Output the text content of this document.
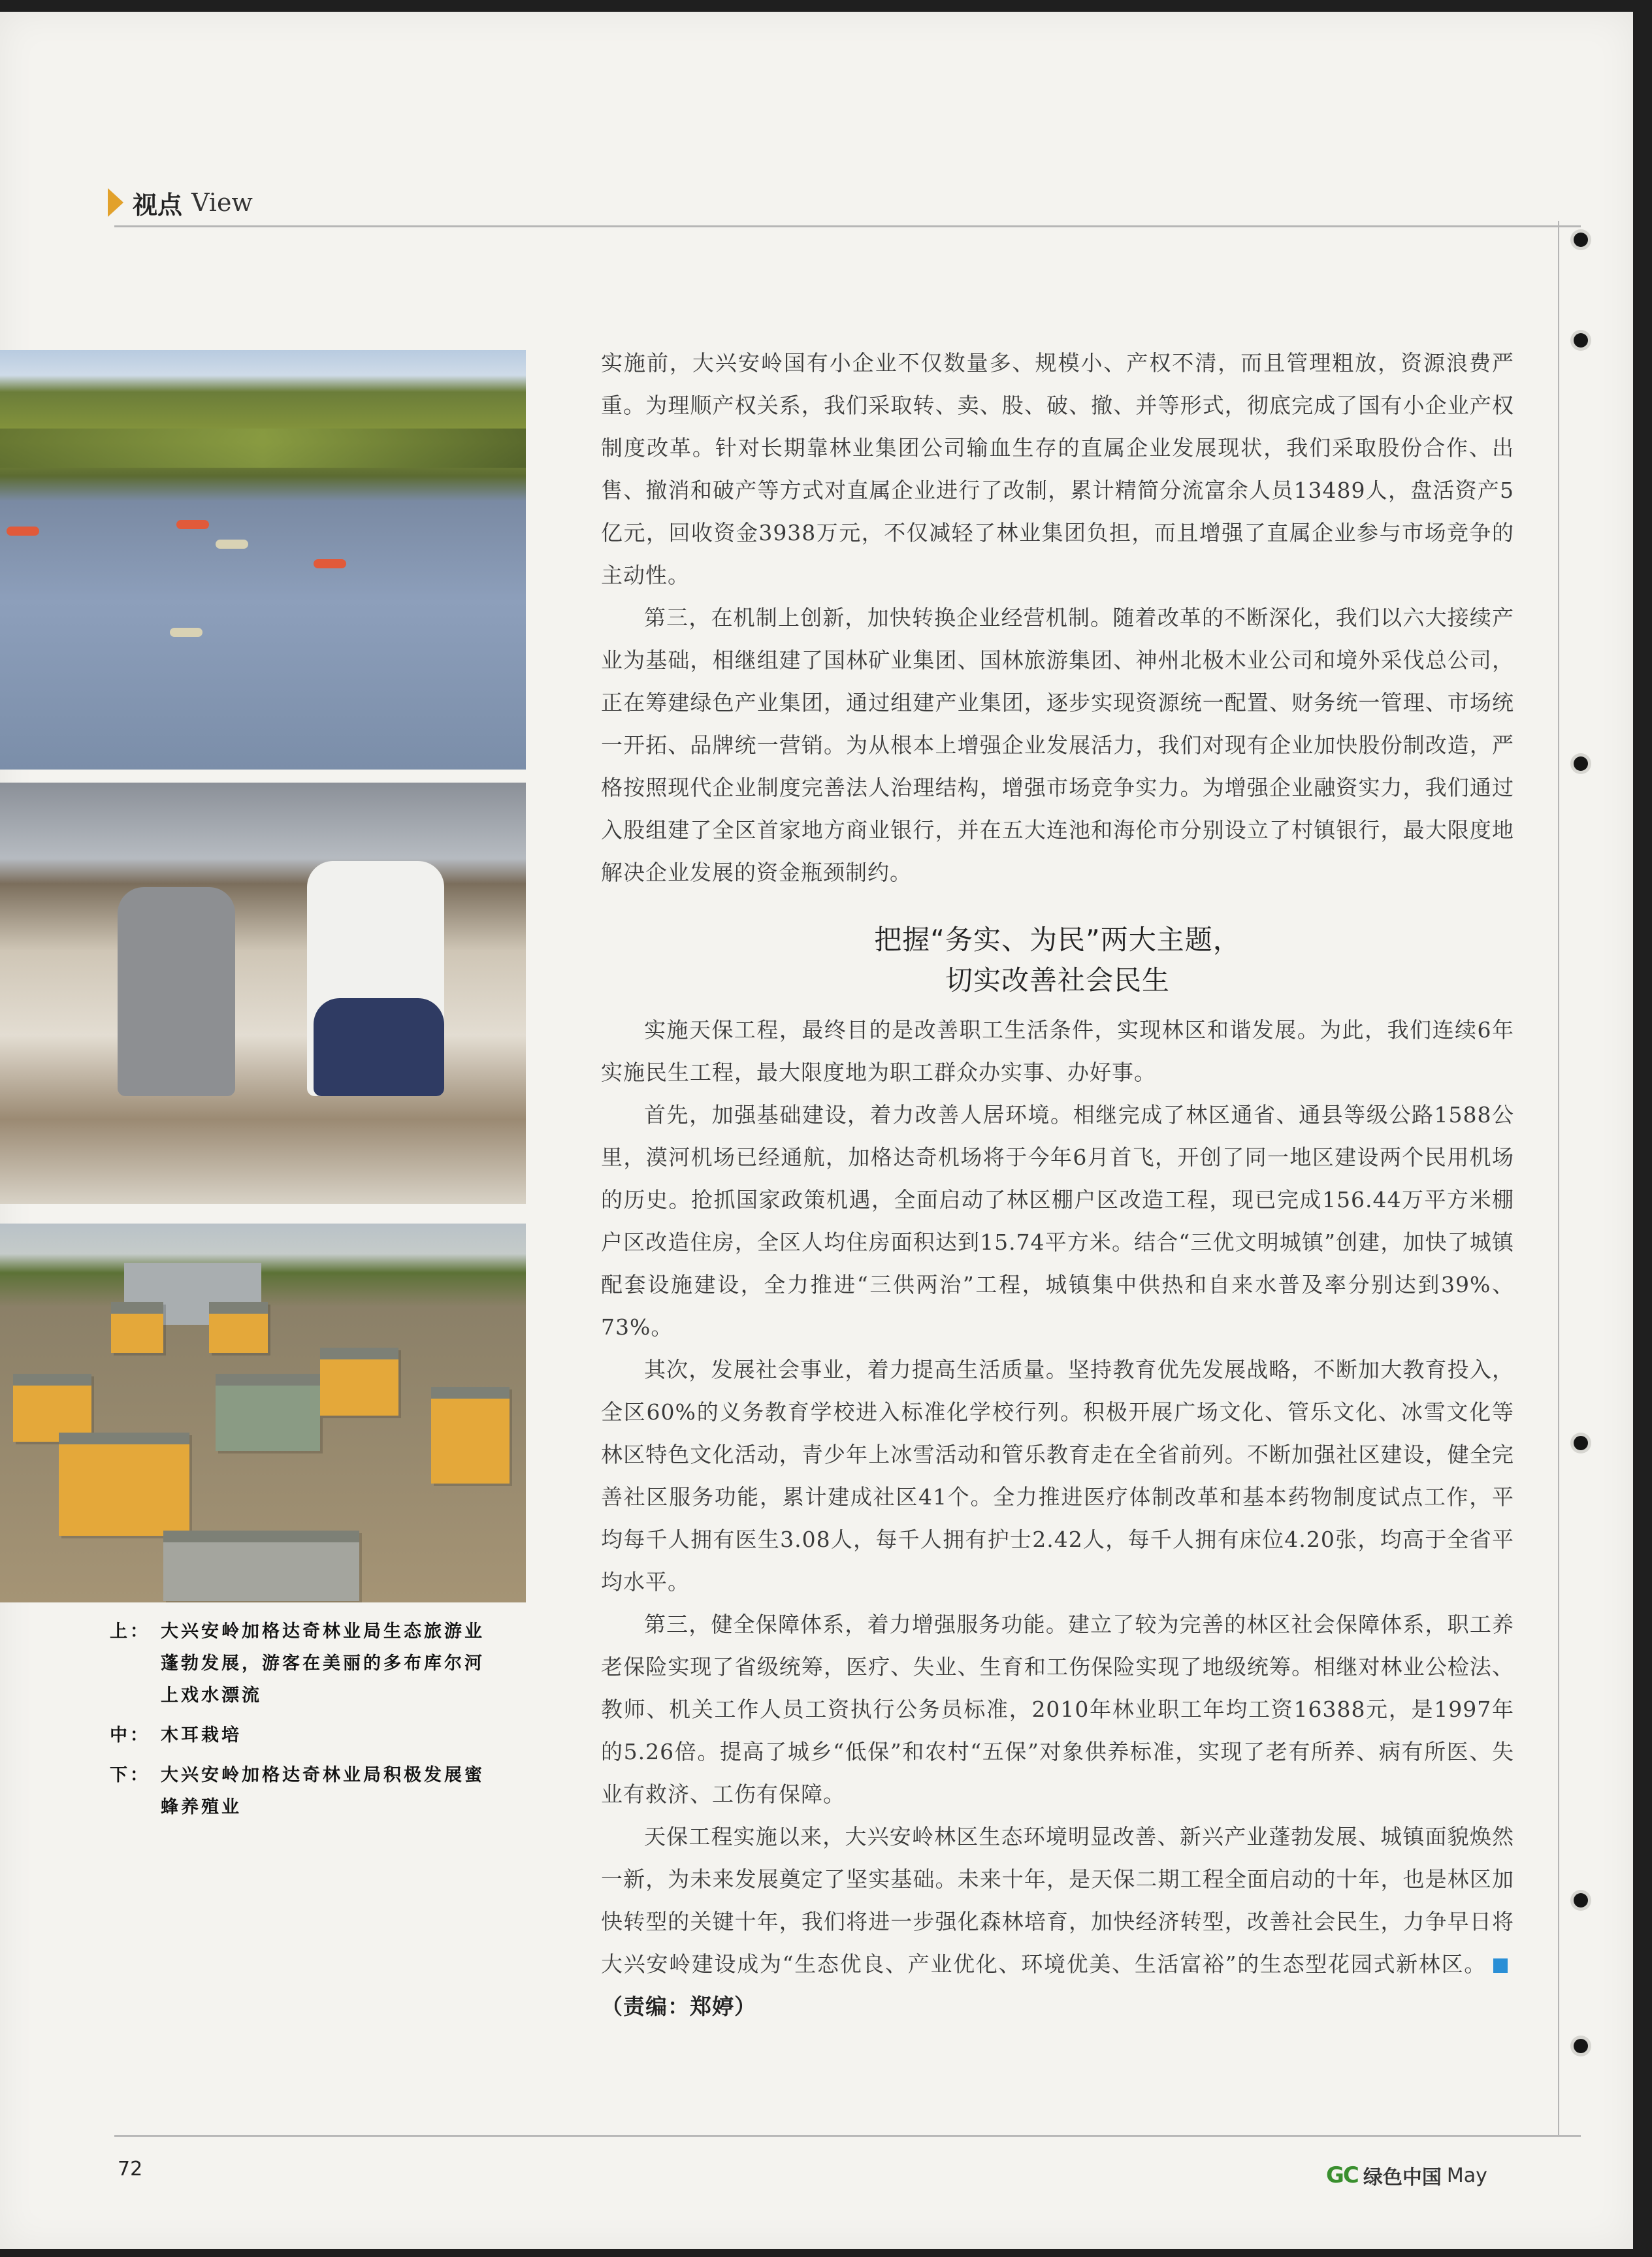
视点 View
上： 大兴安岭加格达奇林业局生态旅游业蓬勃发展，游客在美丽的多布库尔河上戏水漂流
中： 木耳栽培
下： 大兴安岭加格达奇林业局积极发展蜜蜂养殖业

实施前，大兴安岭国有小企业不仅数量多、规模小、产权不清，而且管理粗放，资源浪费严重。为理顺产权关系，我们采取转、卖、股、破、撤、并等形式，彻底完成了国有小企业产权制度改革。针对长期靠林业集团公司输血生存的直属企业发展现状，我们采取股份合作、出售、撤消和破产等方式对直属企业进行了改制，累计精简分流富余人员13489人，盘活资产5亿元，回收资金3938万元，不仅减轻了林业集团负担，而且增强了直属企业参与市场竞争的主动性。

第三，在机制上创新，加快转换企业经营机制。随着改革的不断深化，我们以六大接续产业为基础，相继组建了国林矿业集团、国林旅游集团、神州北极木业公司和境外采伐总公司，正在筹建绿色产业集团，通过组建产业集团，逐步实现资源统一配置、财务统一管理、市场统一开拓、品牌统一营销。为从根本上增强企业发展活力，我们对现有企业加快股份制改造，严格按照现代企业制度完善法人治理结构，增强市场竞争实力。为增强企业融资实力，我们通过入股组建了全区首家地方商业银行，并在五大连池和海伦市分别设立了村镇银行，最大限度地解决企业发展的资金瓶颈制约。

把握“务实、为民”两大主题，
切实改善社会民生

实施天保工程，最终目的是改善职工生活条件，实现林区和谐发展。为此，我们连续6年实施民生工程，最大限度地为职工群众办实事、办好事。

首先，加强基础建设，着力改善人居环境。相继完成了林区通省、通县等级公路1588公里，漠河机场已经通航，加格达奇机场将于今年6月首飞，开创了同一地区建设两个民用机场的历史。抢抓国家政策机遇，全面启动了林区棚户区改造工程，现已完成156.44万平方米棚户区改造住房，全区人均住房面积达到15.74平方米。结合“三优文明城镇”创建，加快了城镇配套设施建设，全力推进“三供两治”工程，城镇集中供热和自来水普及率分别达到39%、73%。

其次，发展社会事业，着力提高生活质量。坚持教育优先发展战略，不断加大教育投入，全区60%的义务教育学校进入标准化学校行列。积极开展广场文化、管乐文化、冰雪文化等林区特色文化活动，青少年上冰雪活动和管乐教育走在全省前列。不断加强社区建设，健全完善社区服务功能，累计建成社区41个。全力推进医疗体制改革和基本药物制度试点工作，平均每千人拥有医生3.08人，每千人拥有护士2.42人，每千人拥有床位4.20张，均高于全省平均水平。

第三，健全保障体系，着力增强服务功能。建立了较为完善的林区社会保障体系，职工养老保险实现了省级统筹，医疗、失业、生育和工伤保险实现了地级统筹。相继对林业公检法、教师、机关工作人员工资执行公务员标准，2010年林业职工年均工资16388元，是1997年的5.26倍。提高了城乡“低保”和农村“五保”对象供养标准，实现了老有所养、病有所医、失业有救济、工伤有保障。

天保工程实施以来，大兴安岭林区生态环境明显改善、新兴产业蓬勃发展、城镇面貌焕然一新，为未来发展奠定了坚实基础。未来十年，是天保二期工程全面启动的十年，也是林区加快转型的关键十年，我们将进一步强化森林培育，加快经济转型，改善社会民生，力争早日将大兴安岭建设成为“生态优良、产业优化、环境优美、生活富裕”的生态型花园式新林区。（责编：郑婷）

72	GC 绿色中国 May
